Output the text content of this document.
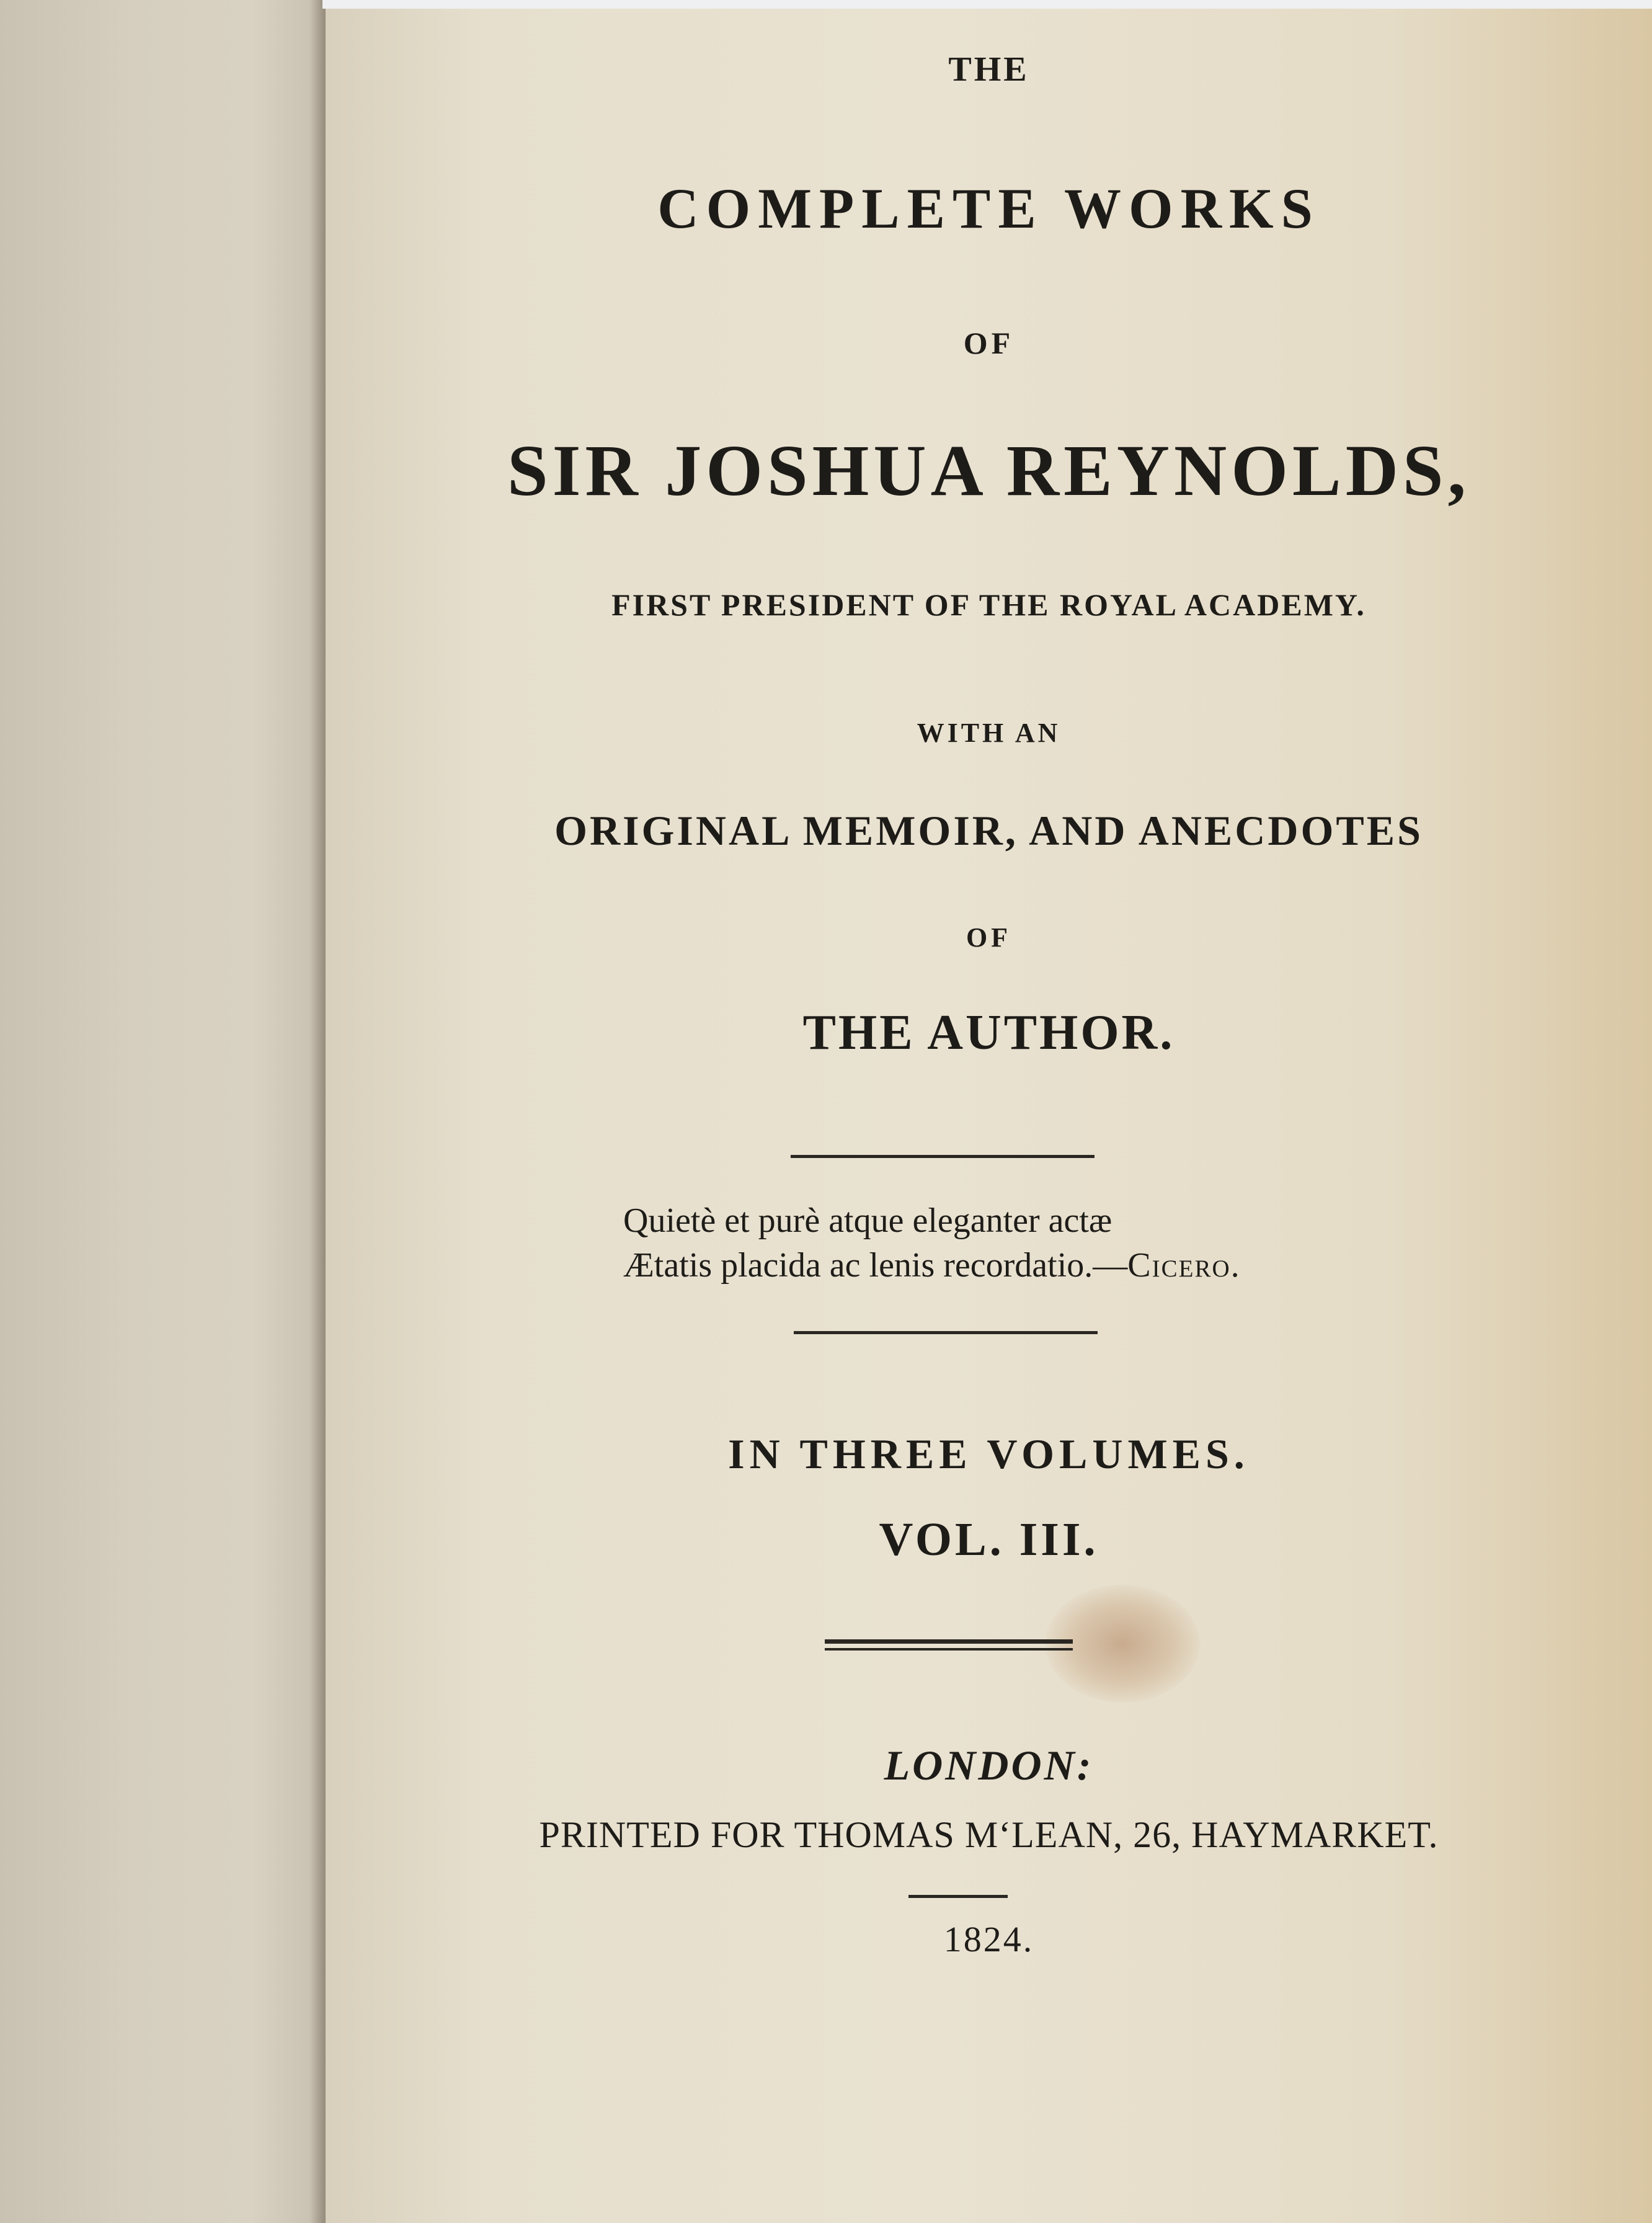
THE
COMPLETE WORKS
OF
SIR JOSHUA REYNOLDS,
FIRST PRESIDENT OF THE ROYAL ACADEMY.
WITH AN
ORIGINAL MEMOIR, AND ANECDOTES
OF
THE AUTHOR.
Quietè et purè atque eleganter actæ
Ætatis placida ac lenis recordatio.—Cicero.
IN THREE VOLUMES.
VOL. III.
LONDON:
PRINTED FOR THOMAS M‘LEAN, 26, HAYMARKET.
1824.
